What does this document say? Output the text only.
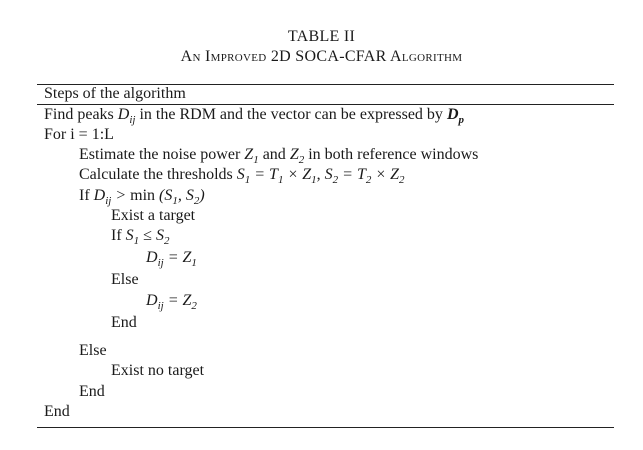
TABLE II
An Improved 2D SOCA-CFAR Algorithm
Steps of the algorithm
Find peaks $D_{ij}$ in the RDM and the vector can be expressed by $D_p$
For i = 1:L
Estimate the noise power $Z_1$ and $Z_2$ in both reference windows
Calculate the thresholds $S_1 = T_1 \times Z_1$, $S_2 = T_2 \times Z_2$
If $D_{ij} > \min (S_1$, $S_2$)
Exist a target
If $S_1 \le S_2$
$D_{ij} = Z_1$
Else
$D_{ij} = Z_2$
End
Else
Exist no target
End
End
